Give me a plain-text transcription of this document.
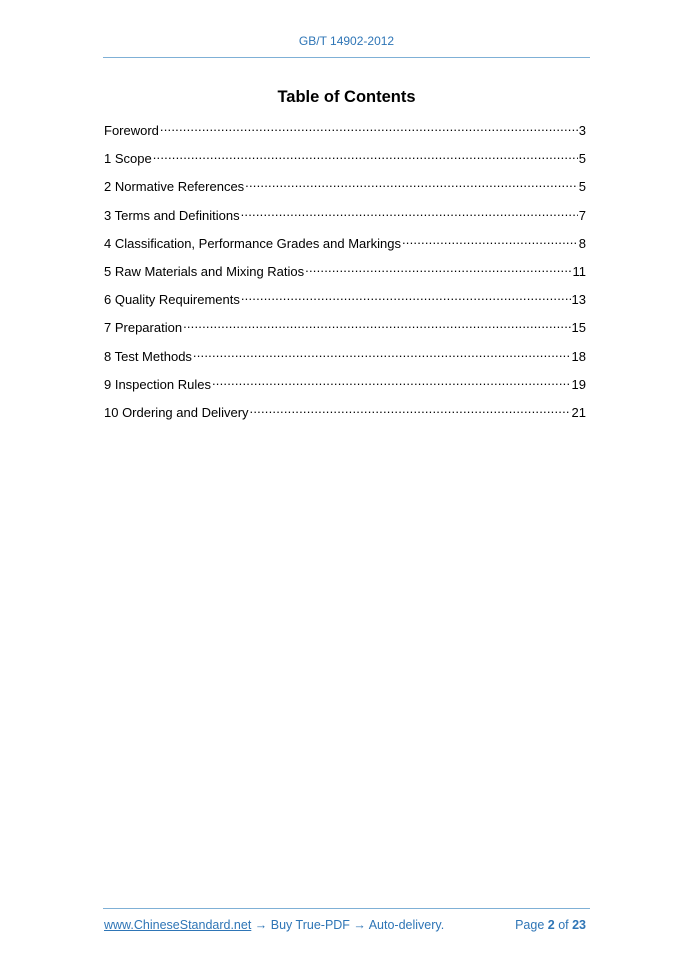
GB/T 14902-2012
Table of Contents
Foreword .....	3
1 Scope .....	5
2 Normative References .....	5
3 Terms and Definitions .....	7
4 Classification, Performance Grades and Markings .....	8
5 Raw Materials and Mixing Ratios .....	11
6 Quality Requirements .....	13
7 Preparation .....	15
8 Test Methods .....	18
9 Inspection Rules .....	19
10 Ordering and Delivery .....	21
www.ChineseStandard.net → Buy True-PDF → Auto-delivery.	Page 2 of 23
